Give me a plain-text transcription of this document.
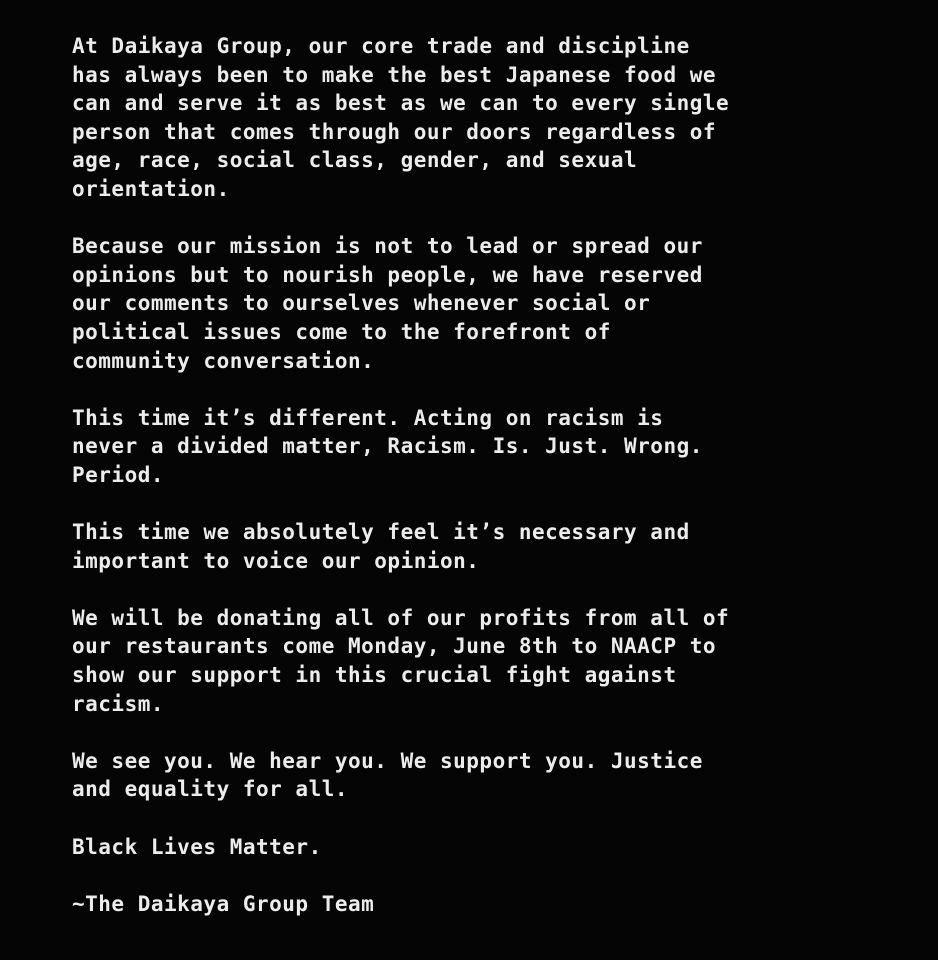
At Daikaya Group, our core trade and discipline
has always been to make the best Japanese food we
can and serve it as best as we can to every single
person that comes through our doors regardless of
age, race, social class, gender, and sexual
orientation.

Because our mission is not to lead or spread our
opinions but to nourish people, we have reserved
our comments to ourselves whenever social or
political issues come to the forefront of
community conversation.

This time it’s different. Acting on racism is
never a divided matter, Racism. Is. Just. Wrong.
Period.

This time we absolutely feel it’s necessary and
important to voice our opinion.

We will be donating all of our profits from all of
our restaurants come Monday, June 8th to NAACP to
show our support in this crucial fight against
racism.

We see you. We hear you. We support you. Justice
and equality for all.

Black Lives Matter.

~The Daikaya Group Team
